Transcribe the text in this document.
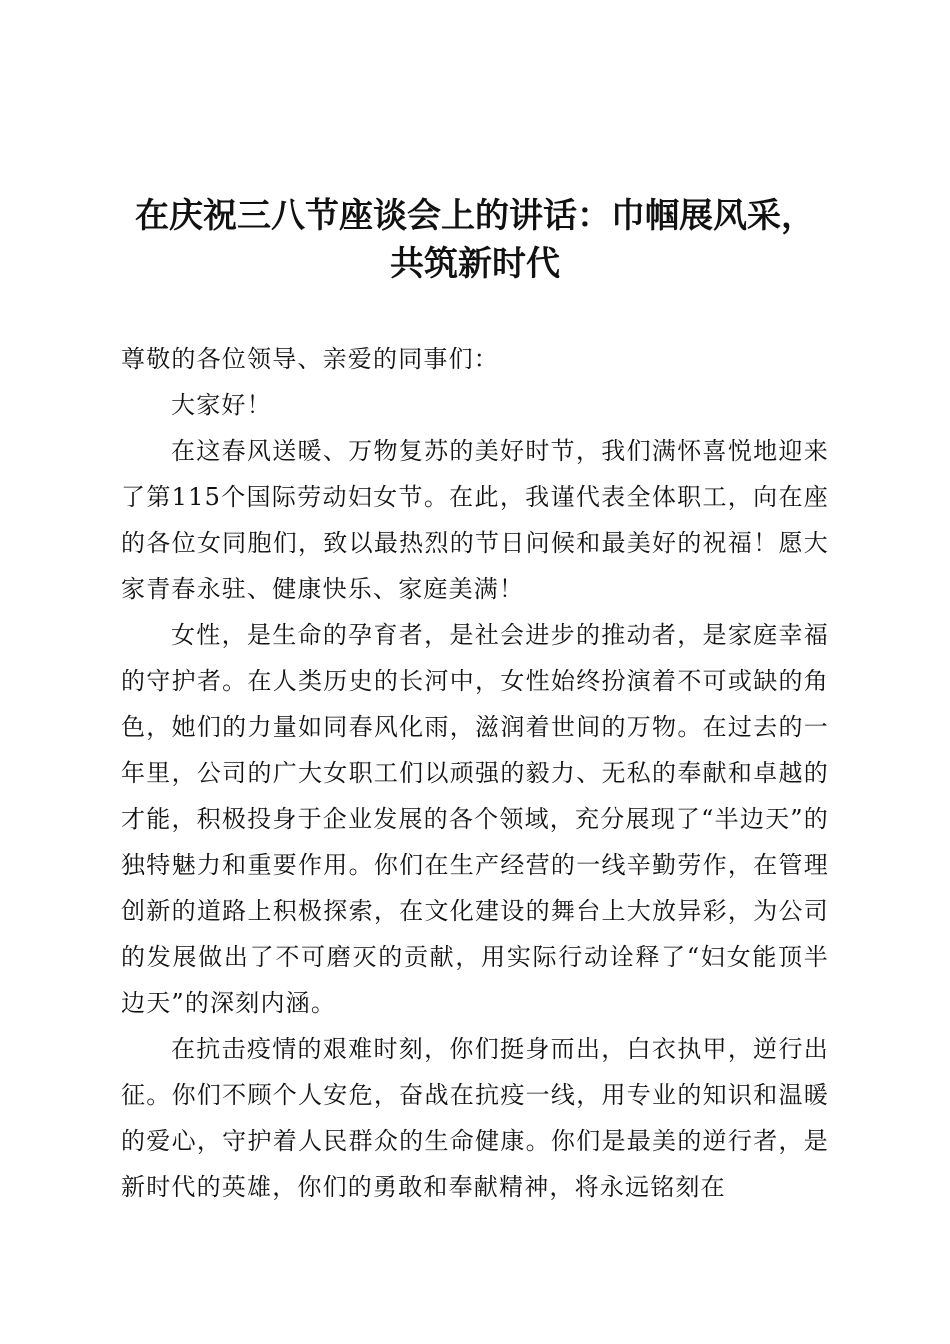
在庆祝三八节座谈会上的讲话：巾帼展风采，
共筑新时代

尊敬的各位领导、亲爱的同事们：

大家好！

在这春风送暖、万物复苏的美好时节，我们满怀喜悦地迎来了第115个国际劳动妇女节。在此，我谨代表全体职工，向在座的各位女同胞们，致以最热烈的节日问候和最美好的祝福！愿大家青春永驻、健康快乐、家庭美满！

女性，是生命的孕育者，是社会进步的推动者，是家庭幸福的守护者。在人类历史的长河中，女性始终扮演着不可或缺的角色，她们的力量如同春风化雨，滋润着世间的万物。在过去的一年里，公司的广大女职工们以顽强的毅力、无私的奉献和卓越的才能，积极投身于企业发展的各个领域，充分展现了“半边天”的独特魅力和重要作用。你们在生产经营的一线辛勤劳作，在管理创新的道路上积极探索，在文化建设的舞台上大放异彩，为公司的发展做出了不可磨灭的贡献，用实际行动诠释了“妇女能顶半边天”的深刻内涵。

在抗击疫情的艰难时刻，你们挺身而出，白衣执甲，逆行出征。你们不顾个人安危，奋战在抗疫一线，用专业的知识和温暖的爱心，守护着人民群众的生命健康。你们是最美的逆行者，是新时代的英雄，你们的勇敢和奉献精神，将永远铭刻在
